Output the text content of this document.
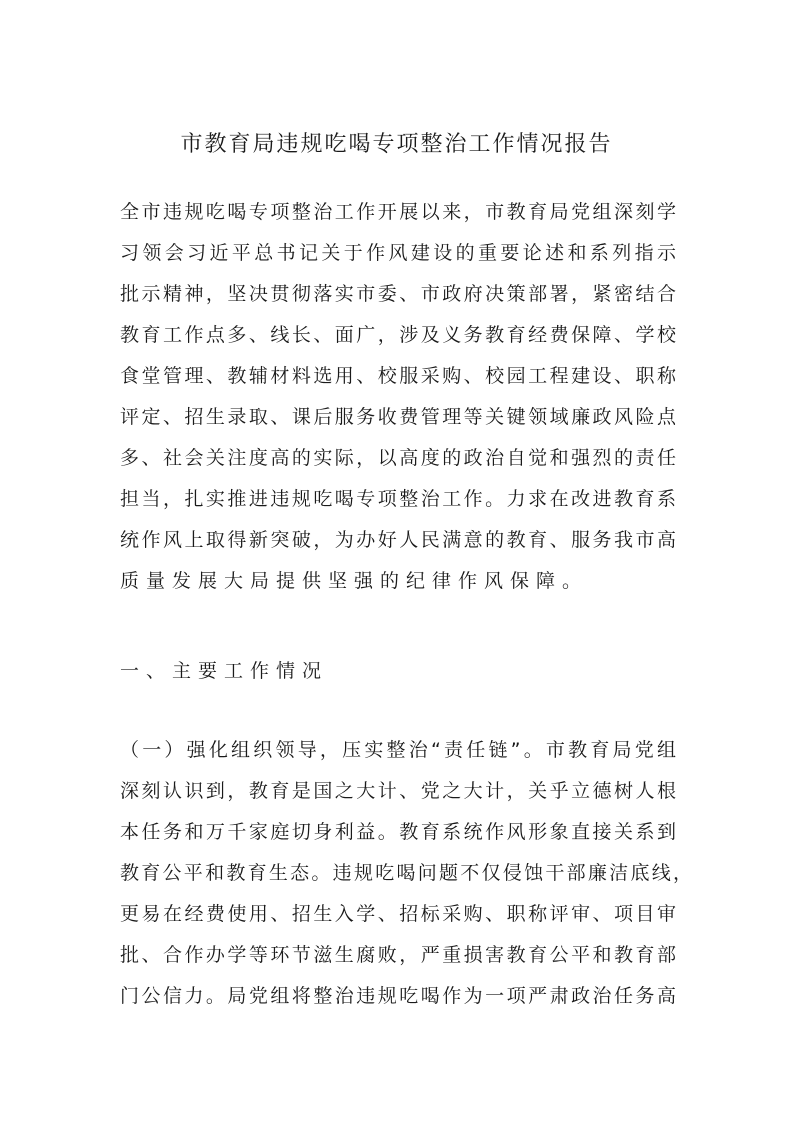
市教育局违规吃喝专项整治工作情况报告
全市违规吃喝专项整治工作开展以来，市教育局党组深刻学
习领会习近平总书记关于作风建设的重要论述和系列指示
批示精神，坚决贯彻落实市委、市政府决策部署，紧密结合
教育工作点多、线长、面广，涉及义务教育经费保障、学校
食堂管理、教辅材料选用、校服采购、校园工程建设、职称
评定、招生录取、课后服务收费管理等关键领域廉政风险点
多、社会关注度高的实际，以高度的政治自觉和强烈的责任
担当，扎实推进违规吃喝专项整治工作。力求在改进教育系
统作风上取得新突破，为办好人民满意的教育、服务我市高
质量发展大局提供坚强的纪律作风保障。
一、主要工作情况
（一）强化组织领导，压实整治“责任链”。市教育局党组
深刻认识到，教育是国之大计、党之大计，关乎立德树人根
本任务和万千家庭切身利益。教育系统作风形象直接关系到
教育公平和教育生态。违规吃喝问题不仅侵蚀干部廉洁底线，
更易在经费使用、招生入学、招标采购、职称评审、项目审
批、合作办学等环节滋生腐败，严重损害教育公平和教育部
门公信力。局党组将整治违规吃喝作为一项严肃政治任务高
